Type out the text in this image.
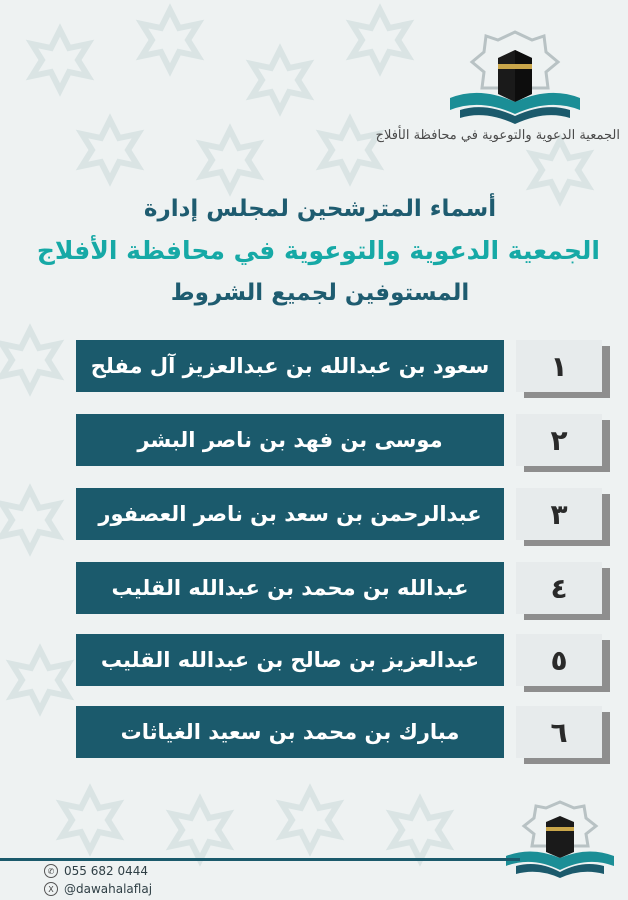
الجمعية الدعوية والتوعوية في محافظة الأفلاج
أسماء المترشحين لمجلس إدارة
الجمعية الدعوية والتوعوية في محافظة الأفلاج
المستوفين لجميع الشروط
١
سعود بن عبدالله بن عبدالعزيز آل مفلح
٢
موسى بن فهد بن ناصر البشر
٣
عبدالرحمن بن سعد بن ناصر العصفور
٤
عبدالله بن محمد بن عبدالله القليب
٥
عبدالعزيز بن صالح بن عبدالله القليب
٦
مبارك بن محمد بن سعيد الغياثات
✆ 055 682 0444
X @dawahalaflaj
